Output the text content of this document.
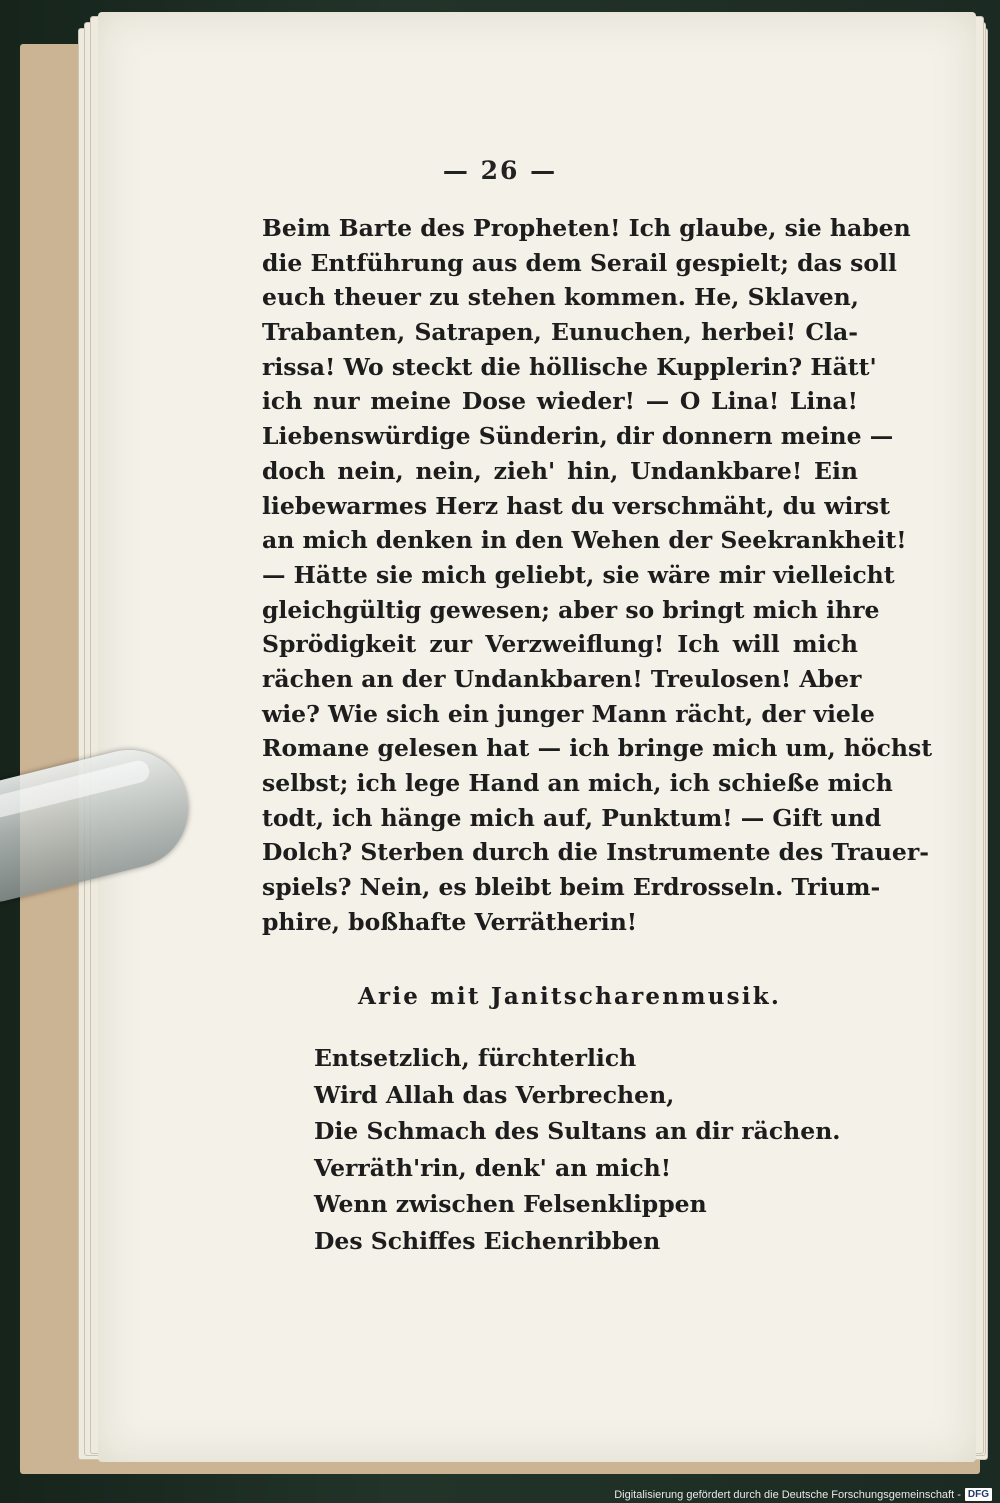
— 26 —
Beim Barte des Propheten! Ich glaube, sie haben
die Entführung aus dem Serail gespielt; das soll
euch theuer zu stehen kommen. He, Sklaven,
Trabanten, Satrapen, Eunuchen, herbei! Cla-
rissa! Wo steckt die höllische Kupplerin? Hätt'
ich nur meine Dose wieder! — O Lina! Lina!
Liebenswürdige Sünderin, dir donnern meine —
doch nein, nein, zieh' hin, Undankbare! Ein
liebewarmes Herz hast du verschmäht, du wirst
an mich denken in den Wehen der Seekrankheit!
— Hätte sie mich geliebt, sie wäre mir vielleicht
gleichgültig gewesen; aber so bringt mich ihre
Sprödigkeit zur Verzweiflung! Ich will mich
rächen an der Undankbaren! Treulosen! Aber
wie? Wie sich ein junger Mann rächt, der viele
Romane gelesen hat — ich bringe mich um, höchst
selbst; ich lege Hand an mich, ich schieße mich
todt, ich hänge mich auf, Punktum! — Gift und
Dolch? Sterben durch die Instrumente des Trauer-
spiels? Nein, es bleibt beim Erdrosseln. Trium-
phire, boßhafte Verrätherin!
Arie mit Janitscharenmusik.
Entsetzlich, fürchterlich
Wird Allah das Verbrechen,
Die Schmach des Sultans an dir rächen.
Verräth'rin, denk' an mich!
Wenn zwischen Felsenklippen
Des Schiffes Eichenribben
Digitalisierung gefördert durch die Deutsche Forschungsgemeinschaft - DFG
